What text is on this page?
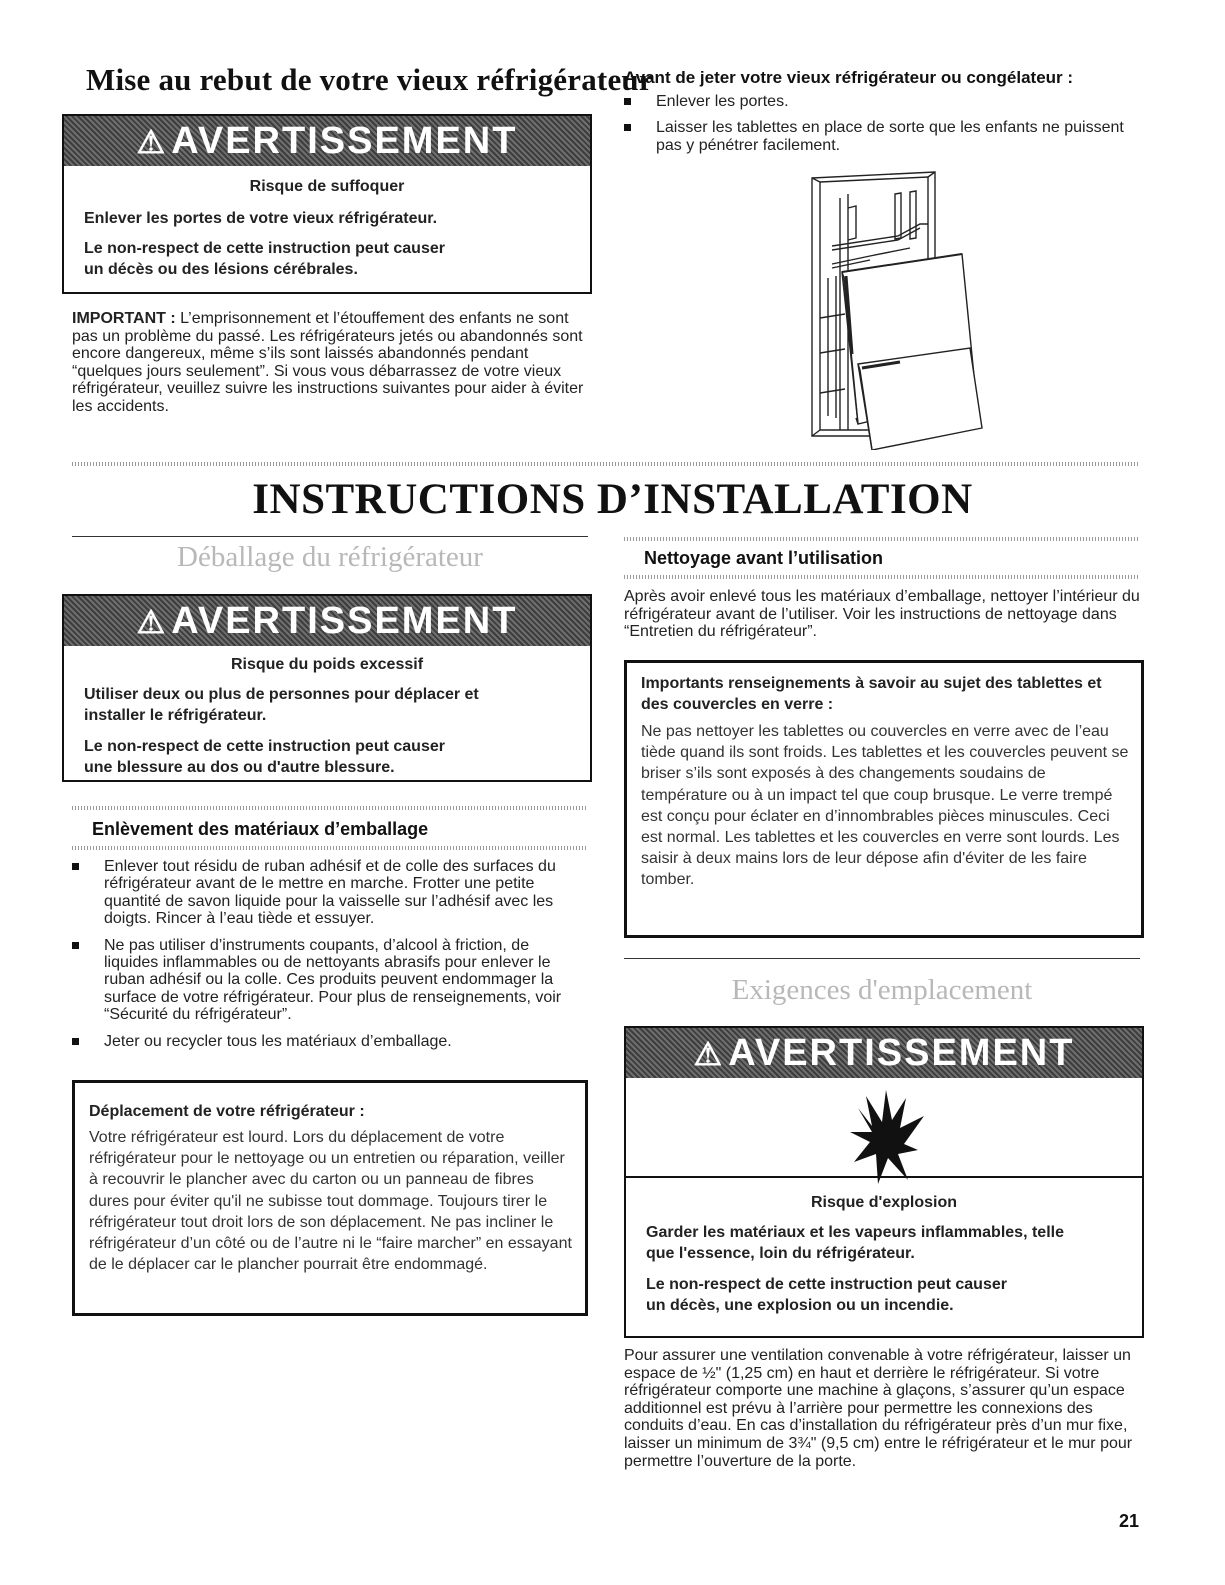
Mise au rebut de votre vieux réfrigérateur
⚠ AVERTISSEMENT
Risque de suffoquer
Enlever les portes de votre vieux réfrigérateur.
Le non-respect de cette instruction peut causer
un décès ou des lésions cérébrales.
IMPORTANT : L’emprisonnement et l’étouffement des enfants ne sont pas un problème du passé. Les réfrigérateurs jetés ou abandonnés sont encore dangereux, même s’ils sont laissés abandonnés pendant “quelques jours seulement”. Si vous vous débarrassez de votre vieux réfrigérateur, veuillez suivre les instructions suivantes pour aider à éviter les accidents.
Avant de jeter votre vieux réfrigérateur ou congélateur :
Enlever les portes.
Laisser les tablettes en place de sorte que les enfants ne puissent pas y pénétrer facilement.
INSTRUCTIONS D’INSTALLATION
Déballage du réfrigérateur
⚠ AVERTISSEMENT
Risque du poids excessif
Utiliser deux ou plus de personnes pour déplacer et
installer le réfrigérateur.
Le non-respect de cette instruction peut causer
une blessure au dos ou d'autre blessure.
Enlèvement des matériaux d’emballage
Enlever tout résidu de ruban adhésif et de colle des surfaces du réfrigérateur avant de le mettre en marche. Frotter une petite quantité de savon liquide pour la vaisselle sur l’adhésif avec les doigts. Rincer à l’eau tiède et essuyer.
Ne pas utiliser d’instruments coupants, d’alcool à friction, de liquides inflammables ou de nettoyants abrasifs pour enlever le ruban adhésif ou la colle. Ces produits peuvent endommager la surface de votre réfrigérateur. Pour plus de renseignements, voir “Sécurité du réfrigérateur”.
Jeter ou recycler tous les matériaux d’emballage.
Déplacement de votre réfrigérateur :
Votre réfrigérateur est lourd. Lors du déplacement de votre réfrigérateur pour le nettoyage ou un entretien ou réparation, veiller à recouvrir le plancher avec du carton ou un panneau de fibres dures pour éviter qu'il ne subisse tout dommage. Toujours tirer le réfrigérateur tout droit lors de son déplacement. Ne pas incliner le réfrigérateur d’un côté ou de l’autre ni le “faire marcher” en essayant de le déplacer car le plancher pourrait être endommagé.
Nettoyage avant l’utilisation
Après avoir enlevé tous les matériaux d’emballage, nettoyer l’intérieur du réfrigérateur avant de l’utiliser. Voir les instructions de nettoyage dans “Entretien du réfrigérateur”.
Importants renseignements à savoir au sujet des tablettes et des couvercles en verre :
Ne pas nettoyer les tablettes ou couvercles en verre avec de l’eau tiède quand ils sont froids. Les tablettes et les couvercles peuvent se briser s’ils sont exposés à des changements soudains de température ou à un impact tel que coup brusque. Le verre trempé est conçu pour éclater en d’innombrables pièces minuscules. Ceci est normal. Les tablettes et les couvercles en verre sont lourds. Les saisir à deux mains lors de leur dépose afin d'éviter de les faire tomber.
Exigences d'emplacement
⚠ AVERTISSEMENT
Risque d'explosion
Garder les matériaux et les vapeurs inflammables, telle
que l'essence, loin du réfrigérateur.
Le non-respect de cette instruction peut causer
un décès, une explosion ou un incendie.
Pour assurer une ventilation convenable à votre réfrigérateur, laisser un espace de ½" (1,25 cm) en haut et derrière le réfrigérateur. Si votre réfrigérateur comporte une machine à glaçons, s’assurer qu’un espace additionnel est prévu à l’arrière pour permettre les connexions des conduits d’eau. En cas d’installation du réfrigérateur près d’un mur fixe, laisser un minimum de 3¾" (9,5 cm) entre le réfrigérateur et le mur pour permettre l’ouverture de la porte.
21
